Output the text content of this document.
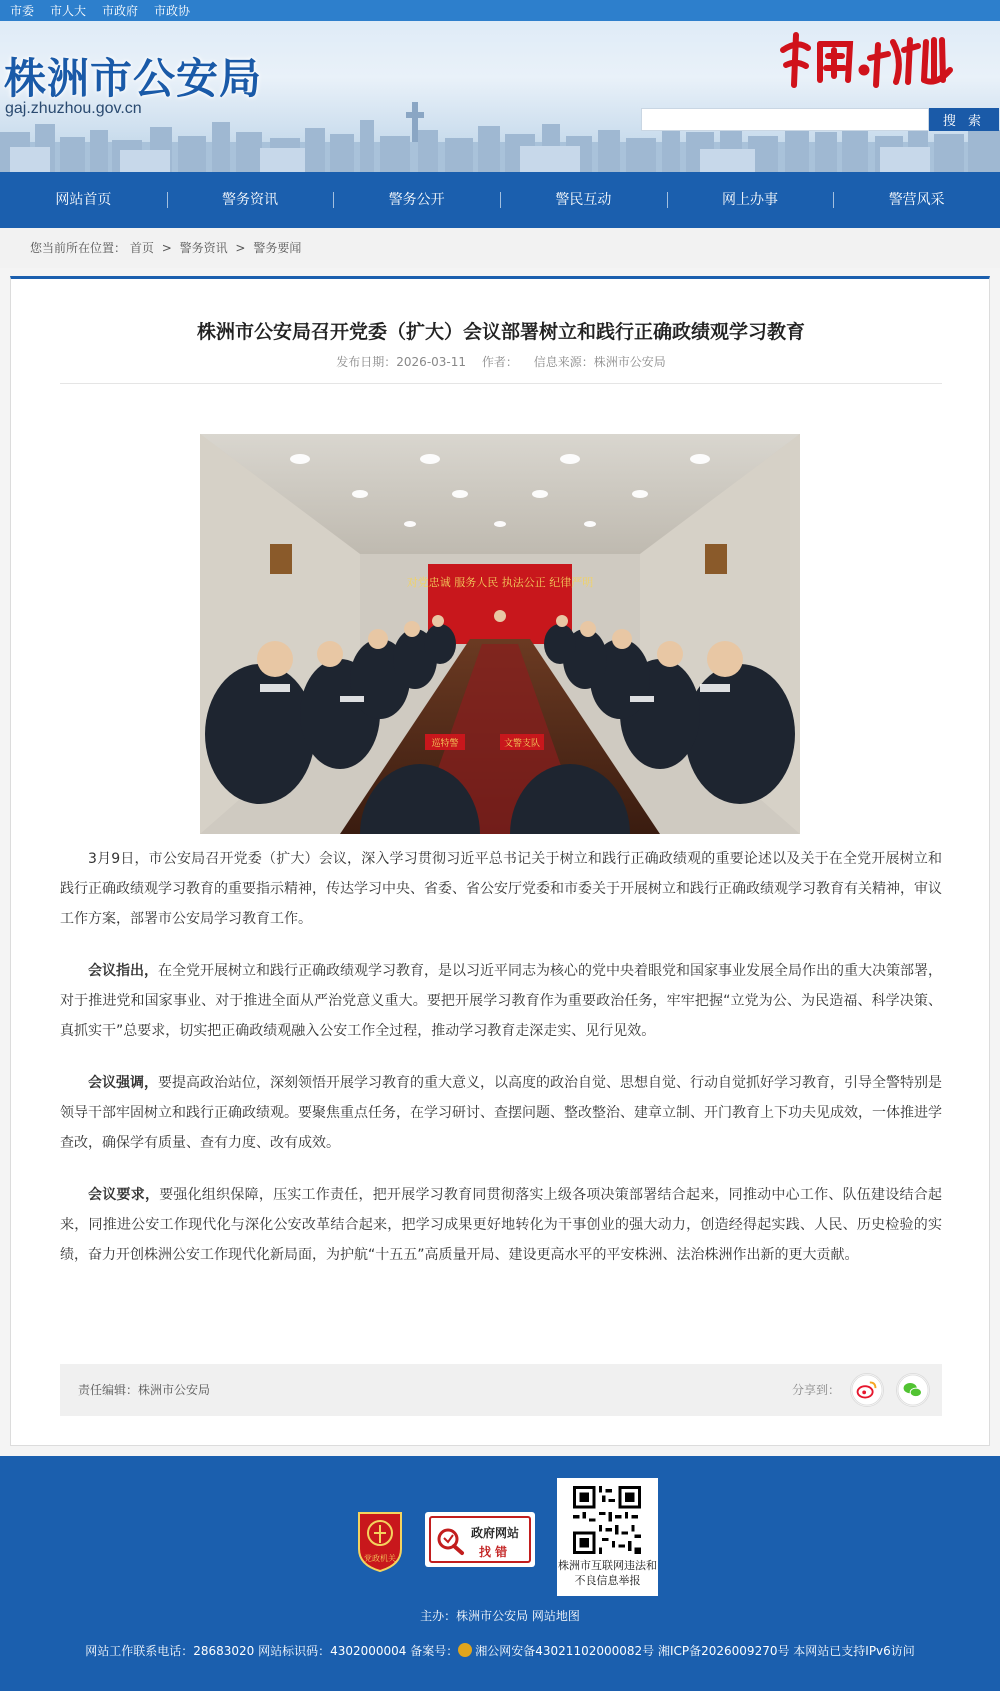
株洲市公安局
gaj.zhuzhou.gov.cn
搜 索
市委 市人大 市政府 市政协
网站首页	警务资讯	警务公开	警民互动	网上办事	警营风采
您当前所在位置： 首页 > 警务资讯 > 警务要闻
株洲市公安局召开党委（扩大）会议部署树立和践行正确政绩观学习教育
发布日期：2026-03-11 作者： 信息来源：株洲市公安局
对党忠诚 服务人民 执法公正 纪律严明
巡特警	文警支队

3月9日，市公安局召开党委（扩大）会议，深入学习贯彻习近平总书记关于树立和践行正确政绩观的重要论述以及关于在全党开展树立和践行正确政绩观学习教育的重要指示精神，传达学习中央、省委、省公安厅党委和市委关于开展树立和践行正确政绩观学习教育有关精神，审议工作方案，部署市公安局学习教育工作。

会议指出，在全党开展树立和践行正确政绩观学习教育，是以习近平同志为核心的党中央着眼党和国家事业发展全局作出的重大决策部署，对于推进党和国家事业、对于推进全面从严治党意义重大。要把开展学习教育作为重要政治任务，牢牢把握“立党为公、为民造福、科学决策、真抓实干”总要求，切实把正确政绩观融入公安工作全过程，推动学习教育走深走实、见行见效。

会议强调，要提高政治站位，深刻领悟开展学习教育的重大意义，以高度的政治自觉、思想自觉、行动自觉抓好学习教育，引导全警特别是领导干部牢固树立和践行正确政绩观。要聚焦重点任务，在学习研讨、查摆问题、整改整治、建章立制、开门教育上下功夫见成效，一体推进学查改，确保学有质量、查有力度、改有成效。

会议要求，要强化组织保障，压实工作责任，把开展学习教育同贯彻落实上级各项决策部署结合起来，同推动中心工作、队伍建设结合起来，同推进公安工作现代化与深化公安改革结合起来，把学习成果更好地转化为干事创业的强大动力，创造经得起实践、人民、历史检验的实绩，奋力开创株洲公安工作现代化新局面，为护航“十五五”高质量开局、建设更高水平的平安株洲、法治株洲作出新的更大贡献。

责任编辑：株洲市公安局	分享到：
党政机关
政府网站
找 错
株洲市互联网违法和不良信息举报
主办：株洲市公安局 网站地图
网站工作联系电话：28683020 网站标识码：4302000004 备案号： 湘公网安备43021102000082号 湘ICP备2026009270号 本网站已支持IPv6访问
